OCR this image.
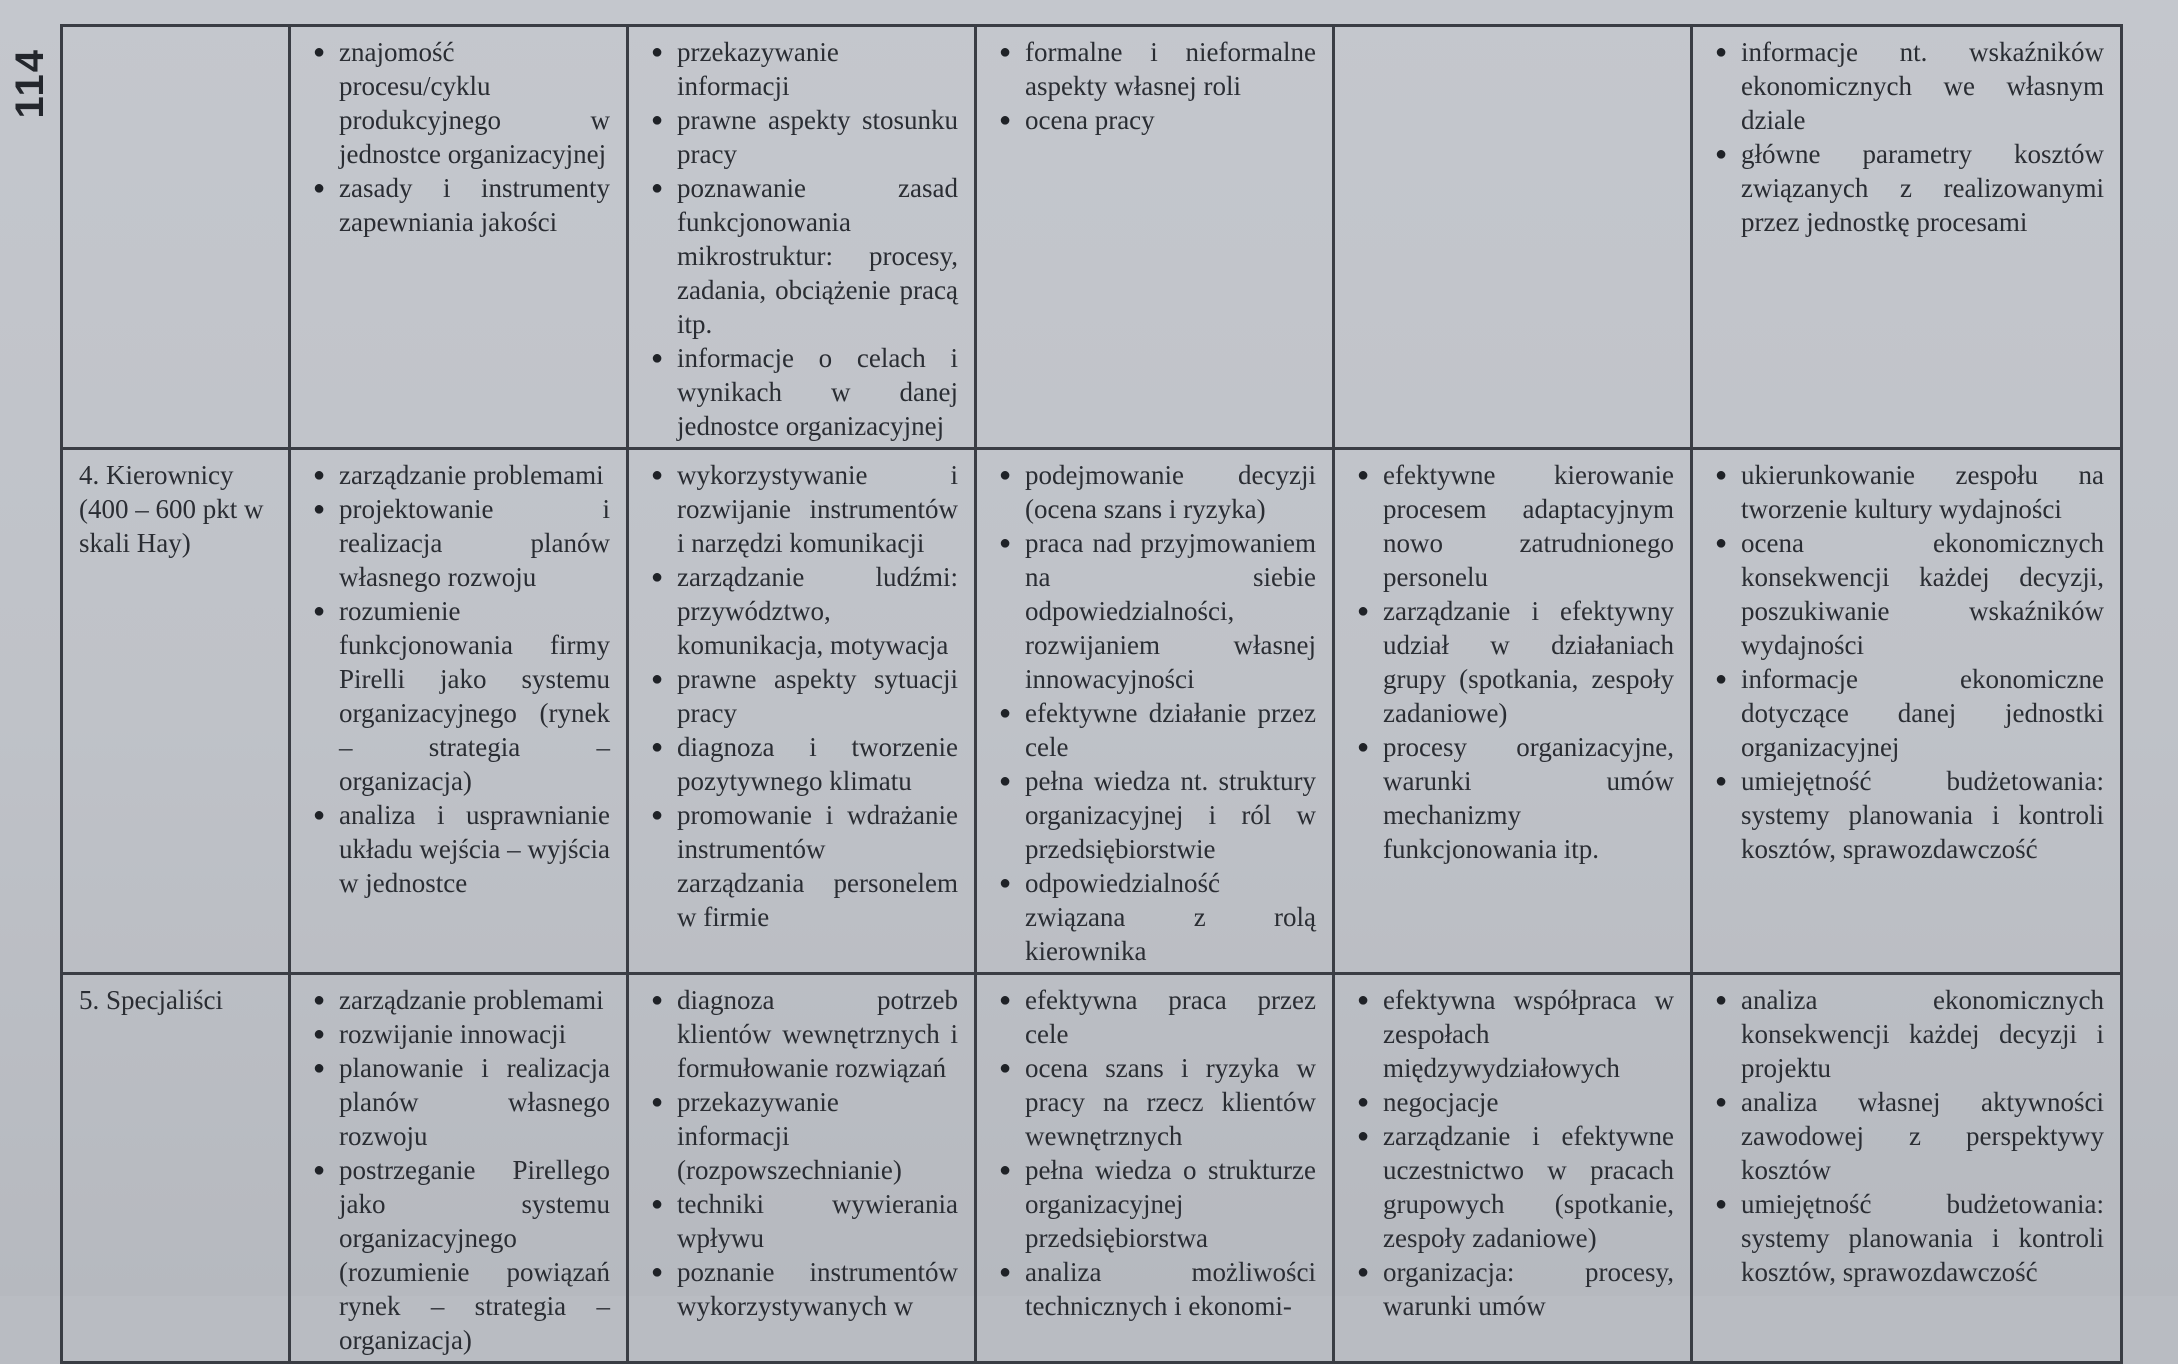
114

●	znajomość procesu/cyklu produkcyjnego w jednostce organizacyjnej
● zasady i instrumenty zapewniania jakości

● przekazywanie informacji
● prawne aspekty stosunku pracy
● poznawanie zasad funkcjonowania mikrostruktur: procesy, zadania, obciążenie pracą itp.
● informacje o celach i wynikach w danej jednostce organizacyjnej

● formalne i nieformalne aspekty własnej roli
● ocena pracy

● informacje nt. wskaźników ekonomicznych we własnym dziale
● główne parametry kosztów związanych z realizowanymi przez jednostkę procesami

4. Kierownicy (400 – 600 pkt w skali Hay)	
● zarządzanie problemami
● projektowanie i realizacja planów własnego rozwoju
● rozumienie funkcjonowania firmy Pirelli jako systemu organizacyjnego (rynek – strategia – organizacja)
● analiza i usprawnianie układu wejścia – wyjścia w jednostce

● wykorzystywanie i rozwijanie instrumentów i narzędzi komunikacji
● zarządzanie ludźmi: przywództwo, komunikacja, motywacja
● prawne aspekty sytuacji pracy
● diagnoza i tworzenie pozytywnego klimatu
● promowanie i wdrażanie instrumentów zarządzania personelem w firmie

● podejmowanie decyzji (ocena szans i ryzyka)
● praca nad przyjmowaniem na siebie odpowiedzialności, rozwijaniem własnej innowacyjności
● efektywne działanie przez cele
● pełna wiedza nt. struktury organizacyjnej i ról w przedsiębiorstwie
● odpowiedzialność związana z rolą kierownika

● efektywne kierowanie procesem adaptacyjnym nowo zatrudnionego personelu
● zarządzanie i efektywny udział w działaniach grupy (spotkania, zespoły zadaniowe)
● procesy organizacyjne, warunki umów mechanizmy funkcjonowania itp.

● ukierunkowanie zespołu na tworzenie kultury wydajności
● ocena ekonomicznych konsekwencji każdej decyzji, poszukiwanie wskaźników wydajności
● informacje ekonomiczne dotyczące danej jednostki organizacyjnej
● umiejętność budżetowania: systemy planowania i kontroli kosztów, sprawozdawczość

5. Specjaliści	
●zarządzanie problemami
● rozwijanie innowacji
● planowanie i realizacja planów własnego rozwoju
● postrzeganie Pirellego jako systemu organizacyjnego (rozumienie powiązań rynek – strategia – organizacja)

● diagnoza potrzeb klientów wewnętrznych i formułowanie rozwiązań
● przekazywanie informacji (rozpowszechnianie)
● techniki wywierania wpływu
● poznanie instrumentów wykorzystywanych w

● efektywna praca przez cele
● ocena szans i ryzyka w pracy na rzecz klientów wewnętrznych
● pełna wiedza o strukturze organizacyjnej przedsiębiorstwa
● analiza możliwości technicznych i ekonomi-

● efektywna współpraca w zespołach międzywydziałowych
● negocjacje
● zarządzanie i efektywne uczestnictwo w pracach grupowych (spotkanie, zespoły zadaniowe)
● organizacja: procesy, warunki umów

● analiza ekonomicznych konsekwencji każdej decyzji i projektu
● analiza własnej aktywności zawodowej z perspektywy kosztów
● umiejętność budżetowania: systemy planowania i kontroli kosztów, sprawozdawczość
